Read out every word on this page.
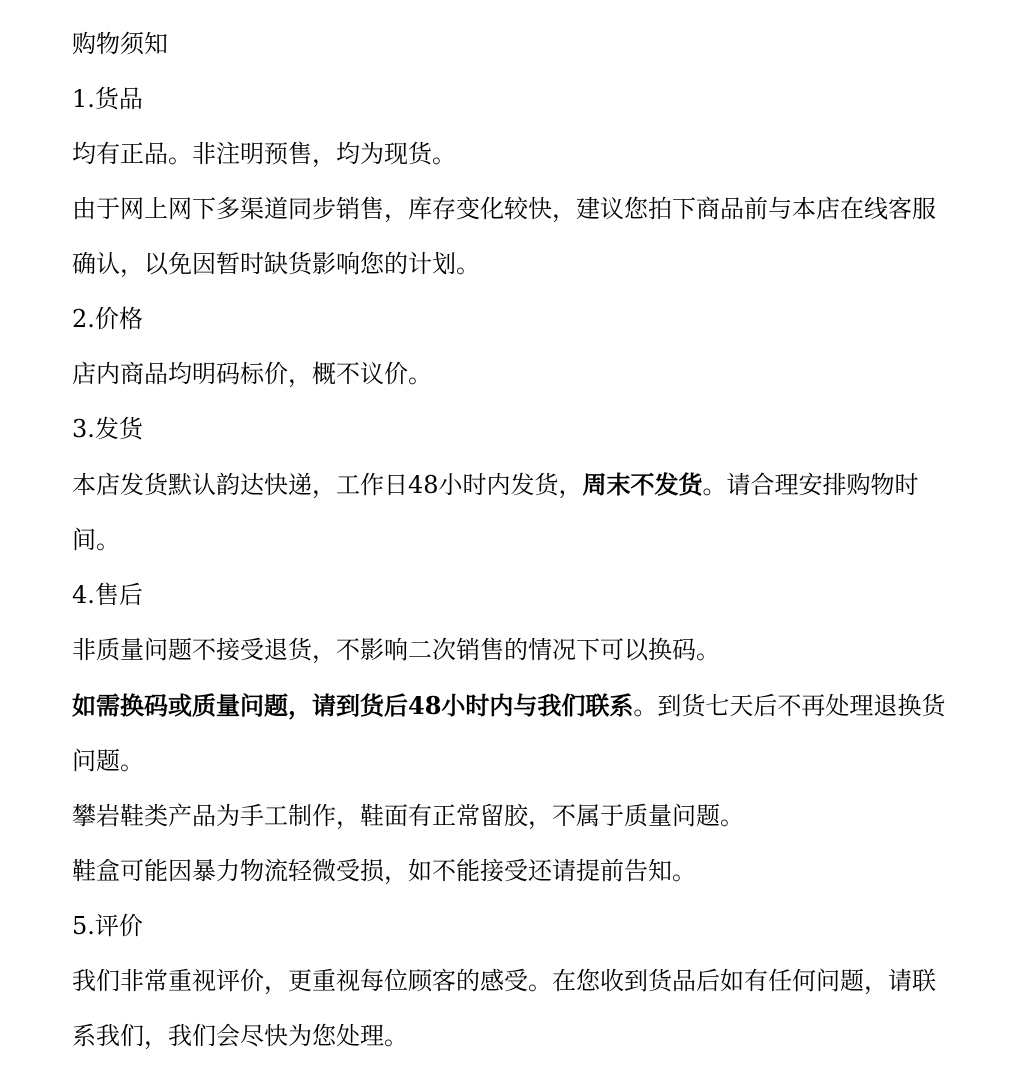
购物须知

1.货品

均有正品。非注明预售，均为现货。

由于网上网下多渠道同步销售，库存变化较快，建议您拍下商品前与本店在线客服确认，以免因暂时缺货影响您的计划。

2.价格

店内商品均明码标价，概不议价。

3.发货

本店发货默认韵达快递，工作日48小时内发货，周末不发货。请合理安排购物时间。

4.售后

非质量问题不接受退货，不影响二次销售的情况下可以换码。

如需换码或质量问题，请到货后48小时内与我们联系。到货七天后不再处理退换货问题。

攀岩鞋类产品为手工制作，鞋面有正常留胶，不属于质量问题。

鞋盒可能因暴力物流轻微受损，如不能接受还请提前告知。

5.评价

我们非常重视评价，更重视每位顾客的感受。在您收到货品后如有任何问题，请联系我们，我们会尽快为您处理。
